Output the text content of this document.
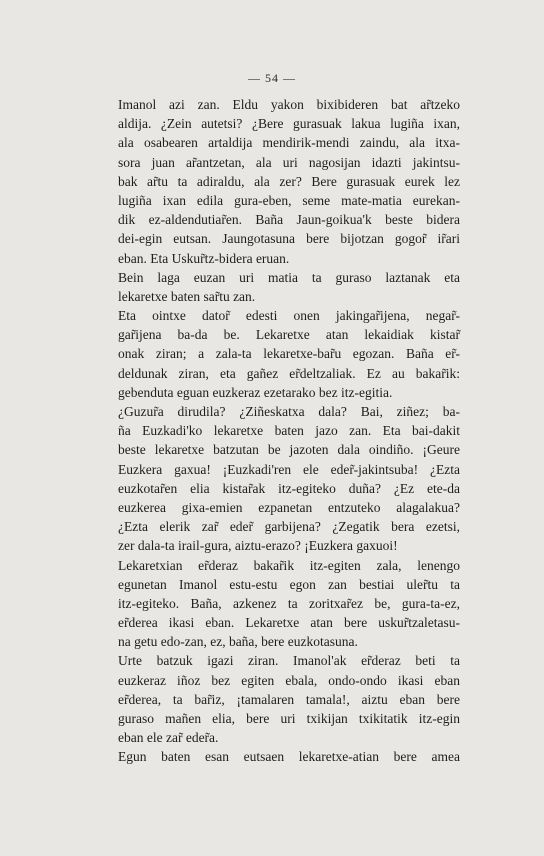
— 54 —
Imanol azi zan. Eldu yakon bixibideren bat ar̃tzeko
aldija. ¿Zein autetsi? ¿Bere gurasuak lakua lugiña ixan,
ala osabearen artaldija mendirik-mendi zaindu, ala itxa-
sora juan ar̃antzetan, ala uri nagosijan idazti jakintsu-
bak ar̃tu ta adiraldu, ala zer? Bere gurasuak eurek lez
lugiña ixan edila gura-eben, seme mate-matia eurekan-
dik ez-aldendutiar̃en. Baña Jaun-goikua'k beste bidera
dei-egin eutsan. Jaungotasuna bere bijotzan gogor̃ ir̃ari
eban. Eta Uskur̃tz-bidera eruan.
Bein laga euzan uri matia ta guraso laztanak eta
lekaretxe baten sar̃tu zan.
Eta ointxe dator̃ edesti onen jakingar̃ijena, negar̃-
gar̃ijena ba-da be. Lekaretxe atan lekaidiak kistar̃
onak ziran; a zala-ta lekaretxe-bar̃u egozan. Baña er̃-
deldunak ziran, eta gañez er̃deltzaliak. Ez au bakar̃ik:
gebenduta eguan euzkeraz ezetarako bez itz-egitia.
¿Guzur̃a dirudila? ¿Ziñeskatxa dala? Bai, ziñez; ba-
ña Euzkadi'ko lekaretxe baten jazo zan. Eta bai-dakit
beste lekaretxe batzutan be jazoten dala oindiño. ¡Geure
Euzkera gaxua! ¡Euzkadi'ren ele eder̃-jakintsuba! ¿Ezta
euzkotar̃en elia kistar̃ak itz-egiteko duña? ¿Ez ete-da
euzkerea gixa-emien ezpanetan entzuteko alagalakua?
¿Ezta elerik zar̃ eder̃ garbijena? ¿Zegatik bera ezetsi,
zer dala-ta irail-gura, aiztu-erazo? ¡Euzkera gaxuoi!
Lekaretxian er̃deraz bakar̃ik itz-egiten zala, lenengo
egunetan Imanol estu-estu egon zan bestiai uler̃tu ta
itz-egiteko. Baña, azkenez ta zoritxar̃ez be, gura-ta-ez,
er̃derea ikasi eban. Lekaretxe atan bere uskur̃tzaletasu-
na getu edo-zan, ez, baña, bere euzkotasuna.
Urte batzuk igazi ziran. Imanol'ak er̃deraz beti ta
euzkeraz iñoz bez egiten ebala, ondo-ondo ikasi eban
er̃derea, ta bar̃iz, ¡tamalaren tamala!, aiztu eban bere
guraso mañen elia, bere uri txikijan txikitatik itz-egin
eban ele zar̃ eder̃a.
Egun baten esan eutsaen lekaretxe-atian bere amea
